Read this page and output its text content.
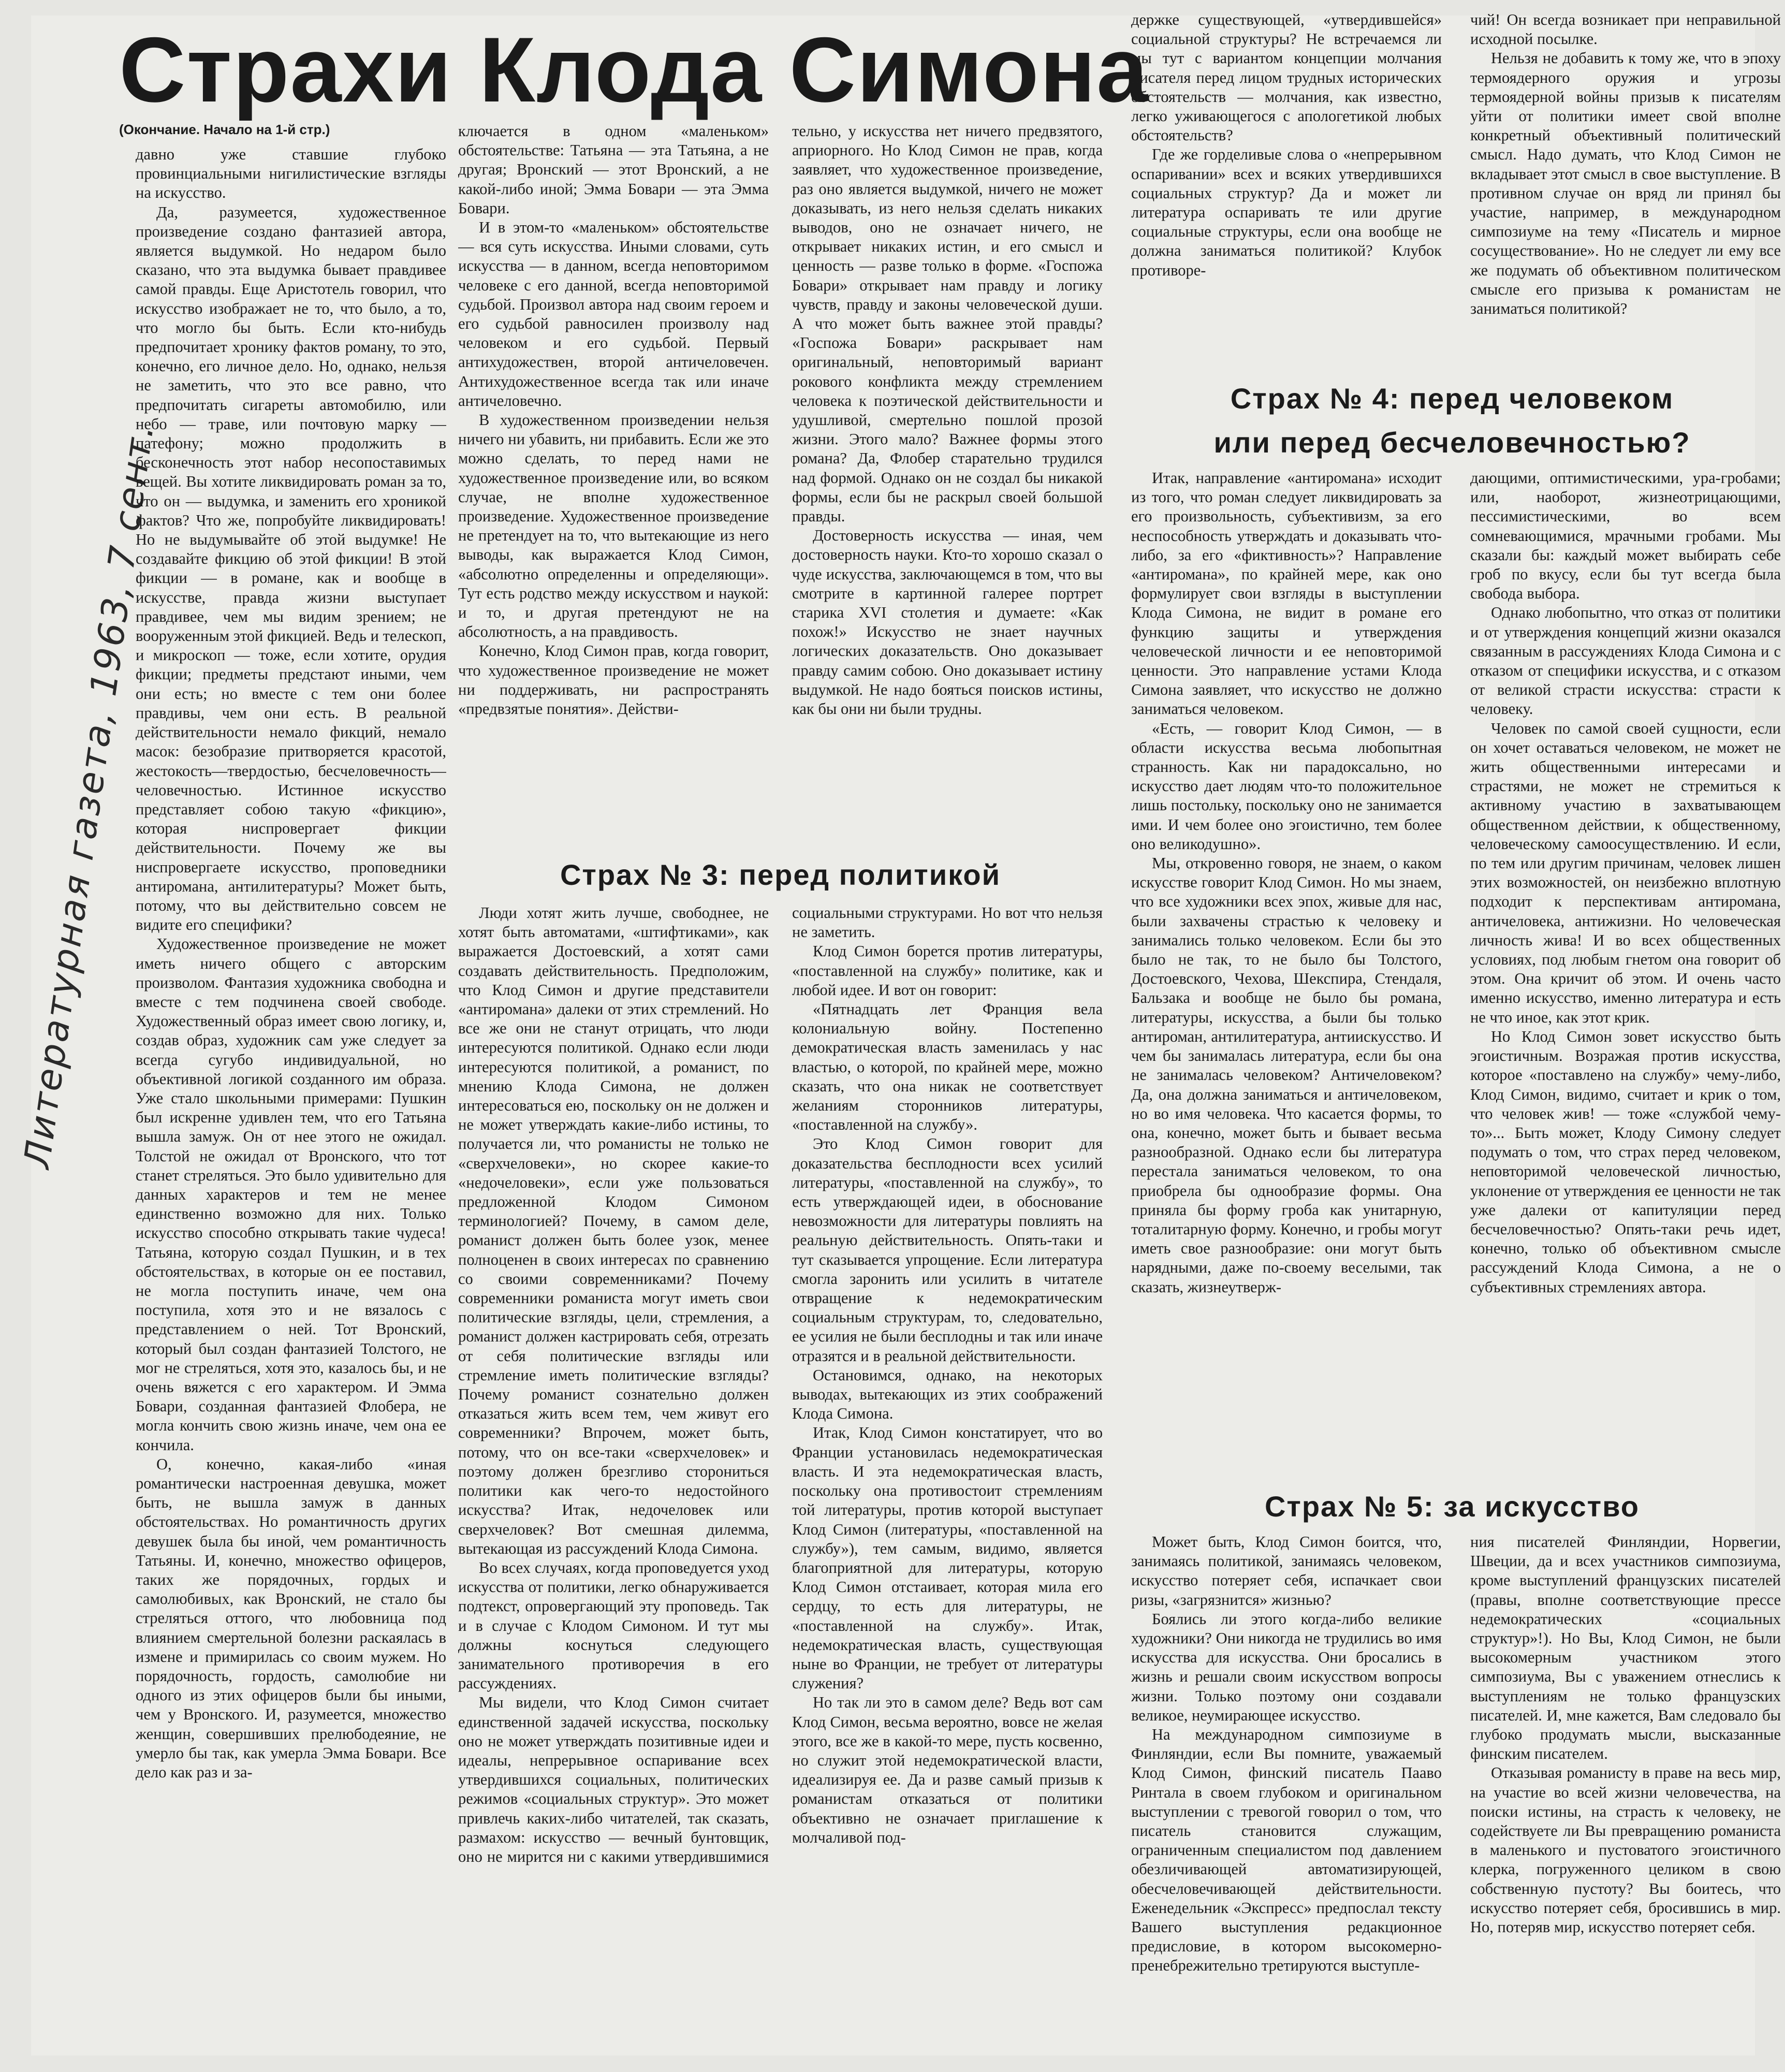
Страхи Клода Симона
(Окончание. Начало на 1-й стр.)
Литературная газета, 1963, 7 сент.

давно уже ставшие глубоко провинциальными нигилистические взгляды на искусство.

Да, разумеется, художественное произведение создано фантазией автора, является выдумкой. Но недаром было сказано, что эта выдумка бывает правдивее самой правды. Еще Аристотель говорил, что искусство изображает не то, что было, а то, что могло бы быть. Если кто-нибудь предпочитает хронику фактов роману, то это, конечно, его личное дело. Но, однако, нельзя не заметить, что это все равно, что предпочитать сигареты автомобилю, или небо — траве, или почтовую марку — патефону; можно продолжить в бесконечность этот набор несопоставимых вещей. Вы хотите ликвидировать роман за то, что он — выдумка, и заменить его хроникой фактов? Что же, попробуйте ликвидировать! Но не выдумывайте об этой выдумке! Не создавайте фикцию об этой фикции! В этой фикции — в романе, как и вообще в искусстве, правда жизни выступает правдивее, чем мы видим зрением; не вооруженным этой фикцией. Ведь и телескоп, и микроскоп — тоже, если хотите, орудия фикции; предметы предстают иными, чем они есть; но вместе с тем они более правдивы, чем они есть. В реальной действительности немало фикций, немало масок: безобразие притворяется красотой, жестокость—твердостью, бесчеловечность—человечностью. Истинное искусство представляет собою такую «фикцию», которая ниспровергает фикции действительности. Почему же вы ниспровергаете искусство, проповедники антиромана, антилитературы? Может быть, потому, что вы действительно совсем не видите его специфики?

Художественное произведение не может иметь ничего общего с авторским произволом. Фантазия художника свободна и вместе с тем подчинена своей свободе. Художественный образ имеет свою логику, и, создав образ, художник сам уже следует за всегда сугубо индивидуальной, но объективной логикой созданного им образа. Уже стало школьными примерами: Пушкин был искренне удивлен тем, что его Татьяна вышла замуж. Он от нее этого не ожидал. Толстой не ожидал от Вронского, что тот станет стреляться. Это было удивительно для данных характеров и тем не менее единственно возможно для них. Только искусство способно открывать такие чудеса! Татьяна, которую создал Пушкин, и в тех обстоятельствах, в которые он ее поставил, не могла поступить иначе, чем она поступила, хотя это и не вязалось с представлением о ней. Тот Вронский, который был создан фантазией Толстого, не мог не стреляться, хотя это, казалось бы, и не очень вяжется с его характером. И Эмма Бовари, созданная фантазией Флобера, не могла кончить свою жизнь иначе, чем она ее кончила.

О, конечно, какая-либо «иная романтически настроенная девушка, может быть, не вышла замуж в данных обстоятельствах. Но романтичность других девушек была бы иной, чем романтичность Татьяны. И, конечно, множество офицеров, таких же порядочных, гордых и самолюбивых, как Вронский, не стало бы стреляться оттого, что любовница под влиянием смертельной болезни раскаялась в измене и примирилась со своим мужем. Но порядочность, гордость, самолюбие ни одного из этих офицеров были бы иными, чем у Вронского. И, разумеется, множество женщин, совершивших прелюбодеяние, не умерло бы так, как умерла Эмма Бовари. Все дело как раз и за-

ключается в одном «маленьком» обстоятельстве: Татьяна — эта Татьяна, а не другая; Вронский — этот Вронский, а не какой-либо иной; Эмма Бовари — эта Эмма Бовари.

И в этом-то «маленьком» обстоятельстве — вся суть искусства. Иными словами, суть искусства — в данном, всегда неповторимом человеке с его данной, всегда неповторимой судьбой. Произвол автора над своим героем и его судьбой равносилен произволу над человеком и его судьбой. Первый антихудожествен, второй античеловечен. Антихудожественное всегда так или иначе античеловечно.

В художественном произведении нельзя ничего ни убавить, ни прибавить. Если же это можно сделать, то перед нами не художественное произведение или, во всяком случае, не вполне художественное произведение. Художественное произведение не претендует на то, что вытекающие из него выводы, как выражается Клод Симон, «абсолютно определенны и определяющи». Тут есть родство между искусством и наукой: и то, и другая претендуют не на абсолютность, а на правдивость.

Конечно, Клод Симон прав, когда говорит, что художественное произведение не может ни поддерживать, ни распространять «предвзятые понятия». Действи-

тельно, у искусства нет ничего предвзятого, априорного. Но Клод Симон не прав, когда заявляет, что художественное произведение, раз оно является выдумкой, ничего не может доказывать, из него нельзя сделать никаких выводов, оно не означает ничего, не открывает никаких истин, и его смысл и ценность — разве только в форме. «Госпожа Бовари» открывает нам правду и логику чувств, правду и законы человеческой души. А что может быть важнее этой правды? «Госпожа Бовари» раскрывает нам оригинальный, неповторимый вариант рокового конфликта между стремлением человека к поэтической действительности и удушливой, смертельно пошлой прозой жизни. Этого мало? Важнее формы этого романа? Да, Флобер старательно трудился над формой. Однако он не создал бы никакой формы, если бы не раскрыл своей большой правды.

Достоверность искусства — иная, чем достоверность науки. Кто-то хорошо сказал о чуде искусства, заключающемся в том, что вы смотрите в картинной галерее портрет старика XVI столетия и думаете: «Как похож!» Искусство не знает научных логических доказательств. Оно доказывает правду самим собою. Оно доказывает истину выдумкой. Не надо бояться поисков истины, как бы они ни были трудны.

Страх № 3: перед политикой

Люди хотят жить лучше, свободнее, не хотят быть автоматами, «штифтиками», как выражается Достоевский, а хотят сами создавать действительность. Предположим, что Клод Симон и другие представители «антиромана» далеки от этих стремлений. Но все же они не станут отрицать, что люди интересуются политикой. Однако если люди интересуются политикой, а романист, по мнению Клода Симона, не должен интересоваться ею, поскольку он не должен и не может утверждать какие-либо истины, то получается ли, что романисты не только не «сверхчеловеки», но скорее какие-то «недочеловеки», если уже пользоваться предложенной Клодом Симоном терминологией? Почему, в самом деле, романист должен быть более узок, менее полноценен в своих интересах по сравнению со своими современниками? Почему современники романиста могут иметь свои политические взгляды, цели, стремления, а романист должен кастрировать себя, отрезать от себя политические взгляды или стремление иметь политические взгляды? Почему романист сознательно должен отказаться жить всем тем, чем живут его современники? Впрочем, может быть, потому, что он все-таки «сверхчеловек» и поэтому должен брезгливо сторониться политики как чего-то недостойного искусства? Итак, недочеловек или сверхчеловек? Вот смешная дилемма, вытекающая из рассуждений Клода Симона.

Во всех случаях, когда проповедуется уход искусства от политики, легко обнаруживается подтекст, опровергающий эту проповедь. Так и в случае с Клодом Симоном. И тут мы должны коснуться следующего занимательного противоречия в его рассуждениях.

Мы видели, что Клод Симон считает единственной задачей искусства, поскольку оно не может утверждать позитивные идеи и идеалы, непрерывное оспаривание всех утвердившихся социальных, политических режимов «социальных структур». Это может привлечь каких-либо читателей, так сказать, размахом: искусство — вечный бунтовщик, оно не мирится ни с какими утвердившимися социальными структурами. Но вот что нельзя не заметить.

Клод Симон борется против литературы, «поставленной на службу» политике, как и любой идее. И вот он говорит:

«Пятнадцать лет Франция вела колониальную войну. Постепенно демократическая власть заменилась у нас властью, о которой, по крайней мере, можно сказать, что она никак не соответствует желаниям сторонников литературы, «поставленной на службу».

Это Клод Симон говорит для доказательства бесплодности всех усилий литературы, «поставленной на службу», то есть утверждающей идеи, в обоснование невозможности для литературы повлиять на реальную действительность. Опять-таки и тут сказывается упрощение. Если литература смогла заронить или усилить в читателе отвращение к недемократическим социальным структурам, то, следовательно, ее усилия не были бесплодны и так или иначе отразятся и в реальной действительности.

Остановимся, однако, на некоторых выводах, вытекающих из этих соображений Клода Симона.

Итак, Клод Симон констатирует, что во Франции установилась недемократическая власть. И эта недемократическая власть, поскольку она противостоит стремлениям той литературы, против которой выступает Клод Симон (литературы, «поставленной на службу»), тем самым, видимо, является благоприятной для литературы, которую Клод Симон отстаивает, которая мила его сердцу, то есть для литературы, не «поставленной на службу». Итак, недемократическая власть, существующая ныне во Франции, не требует от литературы служения?

Но так ли это в самом деле? Ведь вот сам Клод Симон, весьма вероятно, вовсе не желая этого, все же в какой-то мере, пусть косвенно, но служит этой недемократической власти, идеализируя ее. Да и разве самый призыв к романистам отказаться от политики объективно не означает приглашение к молчаливой под-

держке существующей, «утвердившейся» социальной структуры? Не встречаемся ли мы тут с вариантом концепции молчания писателя перед лицом трудных исторических обстоятельств — молчания, как известно, легко уживающегося с апологетикой любых обстоятельств?

Где же горделивые слова о «непрерывном оспаривании» всех и всяких утвердившихся социальных структур? Да и может ли литература оспаривать те или другие социальные структуры, если она вообще не должна заниматься политикой? Клубок противоре-

чий! Он всегда возникает при неправильной исходной посылке.

Нельзя не добавить к тому же, что в эпоху термоядерного оружия и угрозы термоядерной войны призыв к писателям уйти от политики имеет свой вполне конкретный объективный политический смысл. Надо думать, что Клод Симон не вкладывает этот смысл в свое выступление. В противном случае он вряд ли принял бы участие, например, в международном симпозиуме на тему «Писатель и мирное сосуществование». Но не следует ли ему все же подумать об объективном политическом смысле его призыва к романистам не заниматься политикой?

Страх № 4: перед человеком
или перед бесчеловечностью?

Итак, направление «антиромана» исходит из того, что роман следует ликвидировать за его произвольность, субъективизм, за его неспособность утверждать и доказывать что-либо, за его «фиктивность»? Направление «антиромана», по крайней мере, как оно формулирует свои взгляды в выступлении Клода Симона, не видит в романе его функцию защиты и утверждения человеческой личности и ее неповторимой ценности. Это направление устами Клода Симона заявляет, что искусство не должно заниматься человеком.

«Есть, — говорит Клод Симон, — в области искусства весьма любопытная странность. Как ни парадоксально, но искусство дает людям что-то положительное лишь постольку, поскольку оно не занимается ими. И чем более оно эгоистично, тем более оно великодушно».

Мы, откровенно говоря, не знаем, о каком искусстве говорит Клод Симон. Но мы знаем, что все художники всех эпох, живые для нас, были захвачены страстью к человеку и занимались только человеком. Если бы это было не так, то не было бы Толстого, Достоевского, Чехова, Шекспира, Стендаля, Бальзака и вообще не было бы романа, литературы, искусства, а были бы только антироман, антилитература, антиискусство. И чем бы занималась литература, если бы она не занималась человеком? Античеловеком? Да, она должна заниматься и античеловеком, но во имя человека. Что касается формы, то она, конечно, может быть и бывает весьма разнообразной. Однако если бы литература перестала заниматься человеком, то она приобрела бы однообразие формы. Она приняла бы форму гроба как унитарную, тоталитарную форму. Конечно, и гробы могут иметь свое разнообразие: они могут быть нарядными, даже по-своему веселыми, так сказать, жизнеутверж-

дающими, оптимистическими, ура-гробами; или, наоборот, жизнеотрицающими, пессимистическими, во всем сомневающимися, мрачными гробами. Мы сказали бы: каждый может выбирать себе гроб по вкусу, если бы тут всегда была свобода выбора.

Однако любопытно, что отказ от политики и от утверждения концепций жизни оказался связанным в рассуждениях Клода Симона и с отказом от специфики искусства, и с отказом от великой страсти искусства: страсти к человеку.

Человек по самой своей сущности, если он хочет оставаться человеком, не может не жить общественными интересами и страстями, не может не стремиться к активному участию в захватывающем общественном действии, к общественному, человеческому самоосуществлению. И если, по тем или другим причинам, человек лишен этих возможностей, он неизбежно вплотную подходит к перспективам антиромана, античеловека, антижизни. Но человеческая личность жива! И во всех общественных условиях, под любым гнетом она говорит об этом. Она кричит об этом. И очень часто именно искусство, именно литература и есть не что иное, как этот крик.

Но Клод Симон зовет искусство быть эгоистичным. Возражая против искусства, которое «поставлено на службу» чему-либо, Клод Симон, видимо, считает и крик о том, что человек жив! — тоже «службой чему-то»... Быть может, Клоду Симону следует подумать о том, что страх перед человеком, неповторимой человеческой личностью, уклонение от утверждения ее ценности не так уже далеки от капитуляции перед бесчеловечностью? Опять-таки речь идет, конечно, только об объективном смысле рассуждений Клода Симона, а не о субъективных стремлениях автора.

Страх № 5: за искусство

Может быть, Клод Симон боится, что, занимаясь политикой, занимаясь человеком, искусство потеряет себя, испачкает свои ризы, «загрязнится» жизнью?

Боялись ли этого когда-либо великие художники? Они никогда не трудились во имя искусства для искусства. Они бросались в жизнь и решали своим искусством вопросы жизни. Только поэтому они создавали великое, неумирающее искусство.

На международном симпозиуме в Финляндии, если Вы помните, уважаемый Клод Симон, финский писатель Пааво Ринтала в своем глубоком и оригинальном выступлении с тревогой говорил о том, что писатель становится служащим, ограниченным специалистом под давлением обезличивающей автоматизирующей, обесчеловечивающей действительности. Еженедельник «Экспресс» предпослал тексту Вашего выступления редакционное предисловие, в котором высокомерно-пренебрежительно третируются выступле-

ния писателей Финляндии, Норвегии, Швеции, да и всех участников симпозиума, кроме выступлений французских писателей (правы, вполне соответствующие прессе недемократических «социальных структур»!). Но Вы, Клод Симон, не были высокомерным участником этого симпозиума, Вы с уважением отнеслись к выступлениям не только французских писателей. И, мне кажется, Вам следовало бы глубоко продумать мысли, высказанные финским писателем.

Отказывая романисту в праве на весь мир, на участие во всей жизни человечества, на поиски истины, на страсть к человеку, не содействуете ли Вы превращению романиста в маленького и пустоватого эгоистичного клерка, погруженного целиком в свою собственную пустоту? Вы боитесь, что искусство потеряет себя, бросившись в мир. Но, потеряв мир, искусство потеряет себя.
